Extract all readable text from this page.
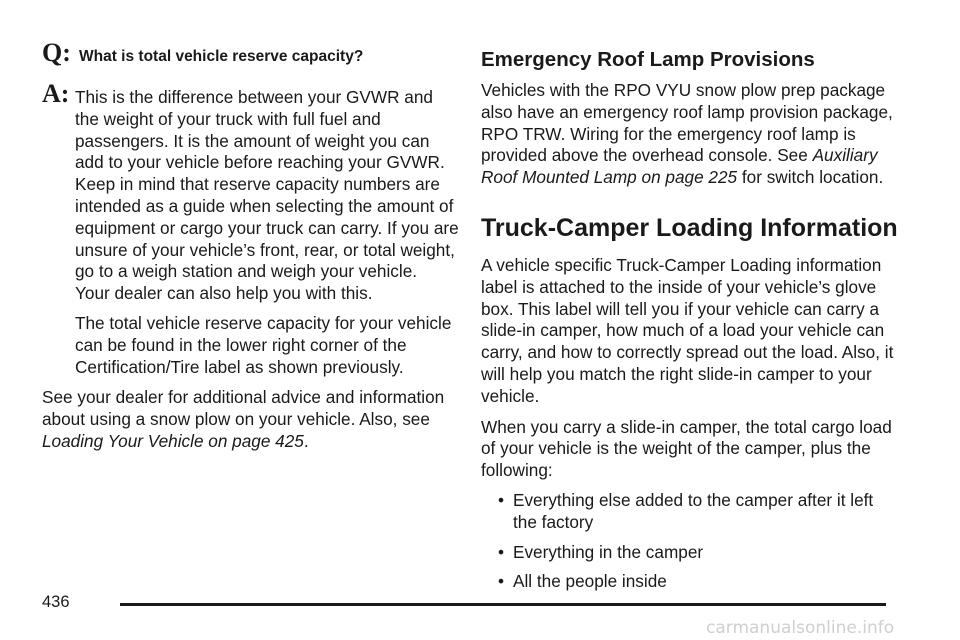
Q: What is total vehicle reserve capacity?
A: This is the difference between your GVWR and the weight of your truck with full fuel and passengers. It is the amount of weight you can add to your vehicle before reaching your GVWR. Keep in mind that reserve capacity numbers are intended as a guide when selecting the amount of equipment or cargo your truck can carry. If you are unsure of your vehicle’s front, rear, or total weight, go to a weigh station and weigh your vehicle.

Your dealer can also help you with this.

The total vehicle reserve capacity for your vehicle can be found in the lower right corner of the Certification/Tire label as shown previously.

See your dealer for additional advice and information about using a snow plow on your vehicle. Also, see Loading Your Vehicle on page 425.

Emergency Roof Lamp Provisions

Vehicles with the RPO VYU snow plow prep package also have an emergency roof lamp provision package, RPO TRW. Wiring for the emergency roof lamp is provided above the overhead console. See Auxiliary Roof Mounted Lamp on page 225 for switch location.

Truck-Camper Loading Information

A vehicle specific Truck-Camper Loading information label is attached to the inside of your vehicle’s glove box. This label will tell you if your vehicle can carry a slide-in camper, how much of a load your vehicle can carry, and how to correctly spread out the load. Also, it will help you match the right slide-in camper to your vehicle.

When you carry a slide-in camper, the total cargo load of your vehicle is the weight of the camper, plus the following:

• Everything else added to the camper after it left the factory
• Everything in the camper
• All the people inside
436
carmanualsonline.info
